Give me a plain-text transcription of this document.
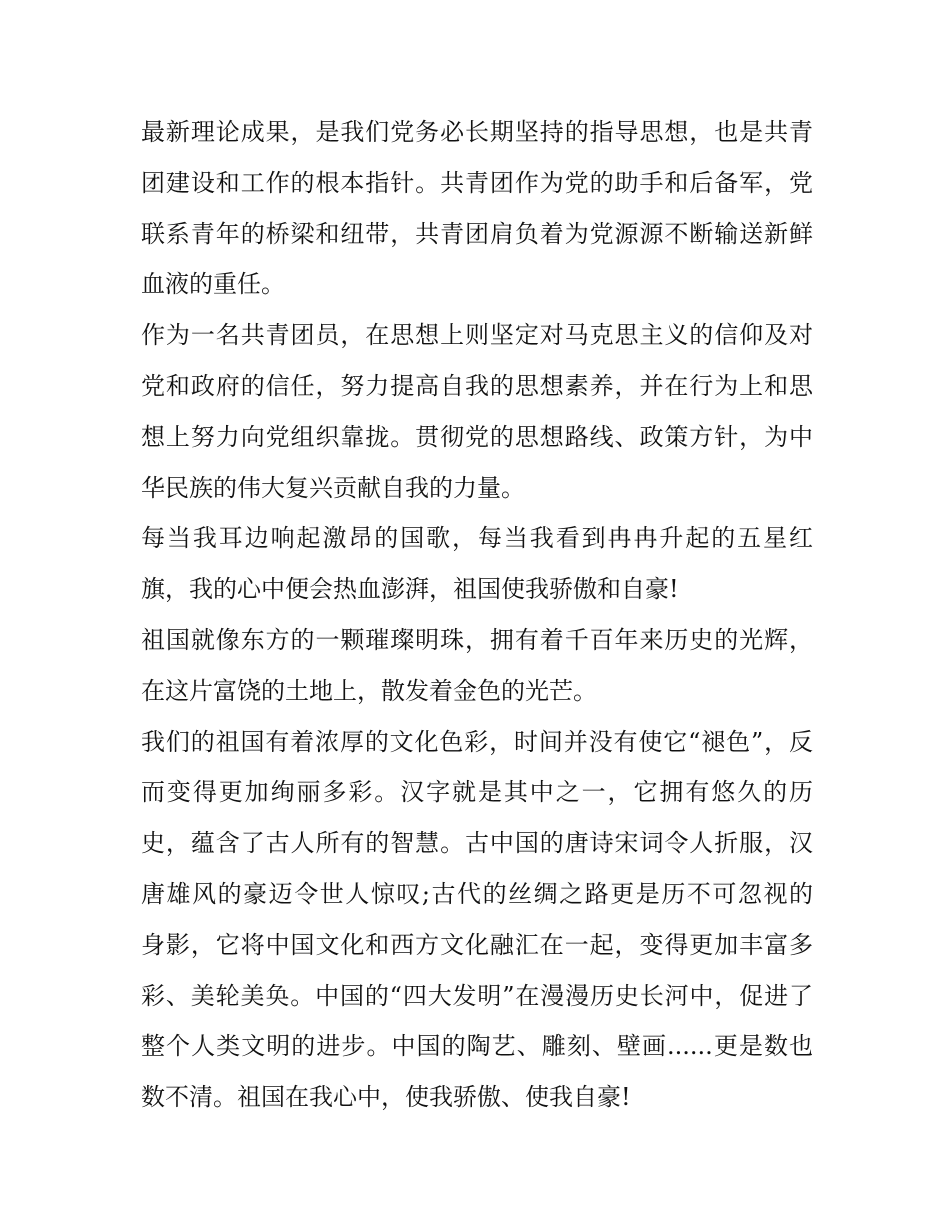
最新理论成果，是我们党务必长期坚持的指导思想，也是共青
团建设和工作的根本指针。共青团作为党的助手和后备军，党
联系青年的桥梁和纽带，共青团肩负着为党源源不断输送新鲜
血液的重任。
作为一名共青团员，在思想上则坚定对马克思主义的信仰及对
党和政府的信任，努力提高自我的思想素养，并在行为上和思
想上努力向党组织靠拢。贯彻党的思想路线、政策方针，为中
华民族的伟大复兴贡献自我的力量。
每当我耳边响起激昂的国歌，每当我看到冉冉升起的五星红
旗，我的心中便会热血澎湃，祖国使我骄傲和自豪!
祖国就像东方的一颗璀璨明珠，拥有着千百年来历史的光辉，
在这片富饶的土地上，散发着金色的光芒。
我们的祖国有着浓厚的文化色彩，时间并没有使它“褪色”，反
而变得更加绚丽多彩。汉字就是其中之一，它拥有悠久的历
史，蕴含了古人所有的智慧。古中国的唐诗宋词令人折服，汉
唐雄风的豪迈令世人惊叹;古代的丝绸之路更是历不可忽视的
身影，它将中国文化和西方文化融汇在一起，变得更加丰富多
彩、美轮美奂。中国的“四大发明”在漫漫历史长河中，促进了
整个人类文明的进步。中国的陶艺、雕刻、壁画......更是数也
数不清。祖国在我心中，使我骄傲、使我自豪!
